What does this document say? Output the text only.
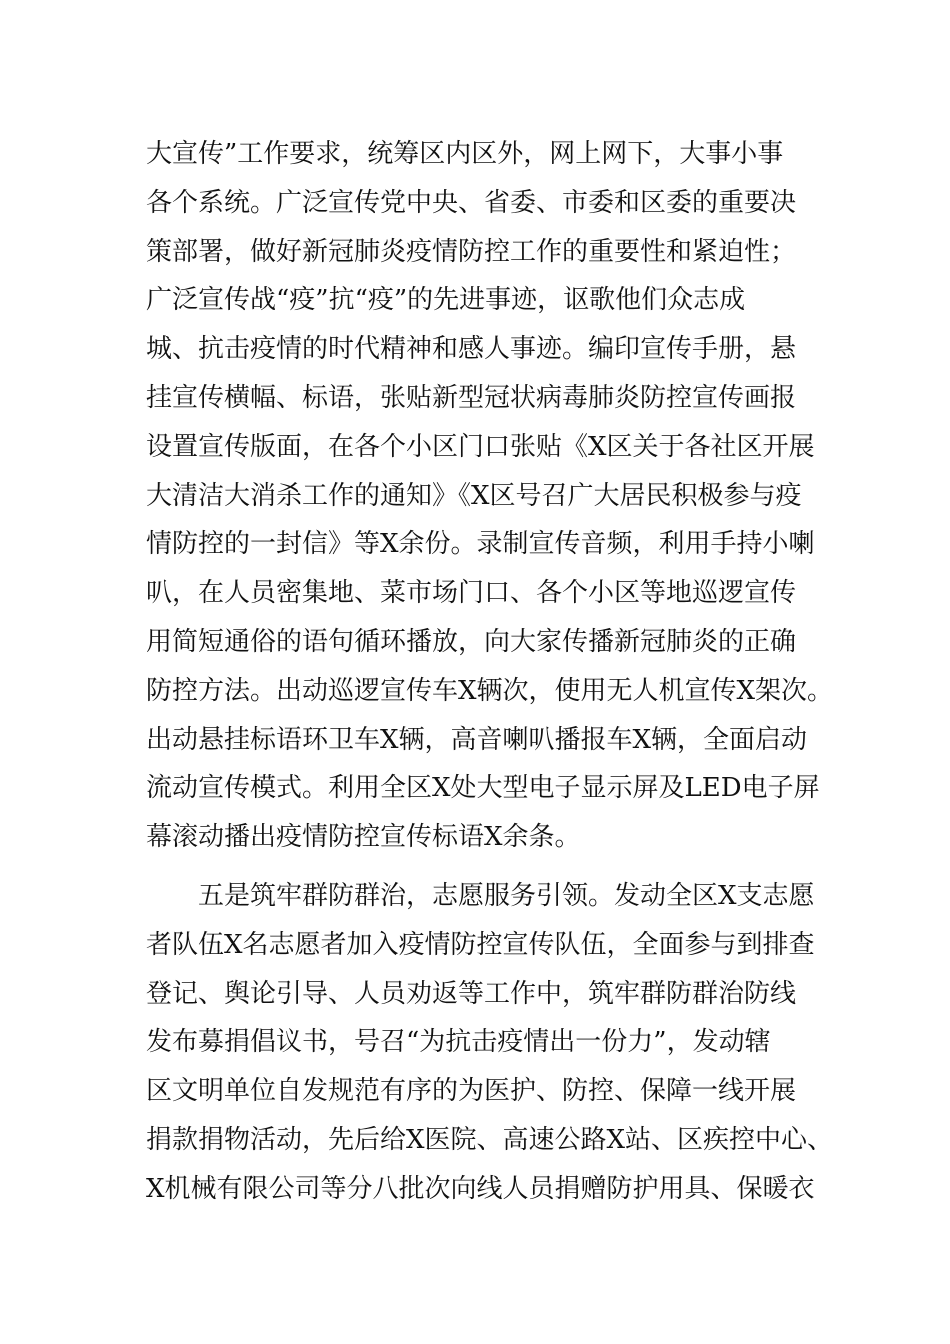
大宣传”工作要求，统筹区内区外，网上网下，大事小事
各个系统。广泛宣传党中央、省委、市委和区委的重要决
策部署，做好新冠肺炎疫情防控工作的重要性和紧迫性；
广泛宣传战“疫”抗“疫”的先进事迹，讴歌他们众志成
城、抗击疫情的时代精神和感人事迹。编印宣传手册，悬
挂宣传横幅、标语，张贴新型冠状病毒肺炎防控宣传画报
设置宣传版面，在各个小区门口张贴《X区关于各社区开展
大清洁大消杀工作的通知》《X区号召广大居民积极参与疫
情防控的一封信》等X余份。录制宣传音频，利用手持小喇
叭，在人员密集地、菜市场门口、各个小区等地巡逻宣传
用简短通俗的语句循环播放，向大家传播新冠肺炎的正确
防控方法。出动巡逻宣传车X辆次，使用无人机宣传X架次。
出动悬挂标语环卫车X辆，高音喇叭播报车X辆，全面启动
流动宣传模式。利用全区X处大型电子显示屏及LED电子屏
幕滚动播出疫情防控宣传标语X余条。
五是筑牢群防群治，志愿服务引领。发动全区X支志愿
者队伍X名志愿者加入疫情防控宣传队伍，全面参与到排查
登记、舆论引导、人员劝返等工作中，筑牢群防群治防线
发布募捐倡议书，号召“为抗击疫情出一份力”，发动辖
区文明单位自发规范有序的为医护、防控、保障一线开展
捐款捐物活动，先后给X医院、高速公路X站、区疾控中心、
X机械有限公司等分八批次向线人员捐赠防护用具、保暖衣
